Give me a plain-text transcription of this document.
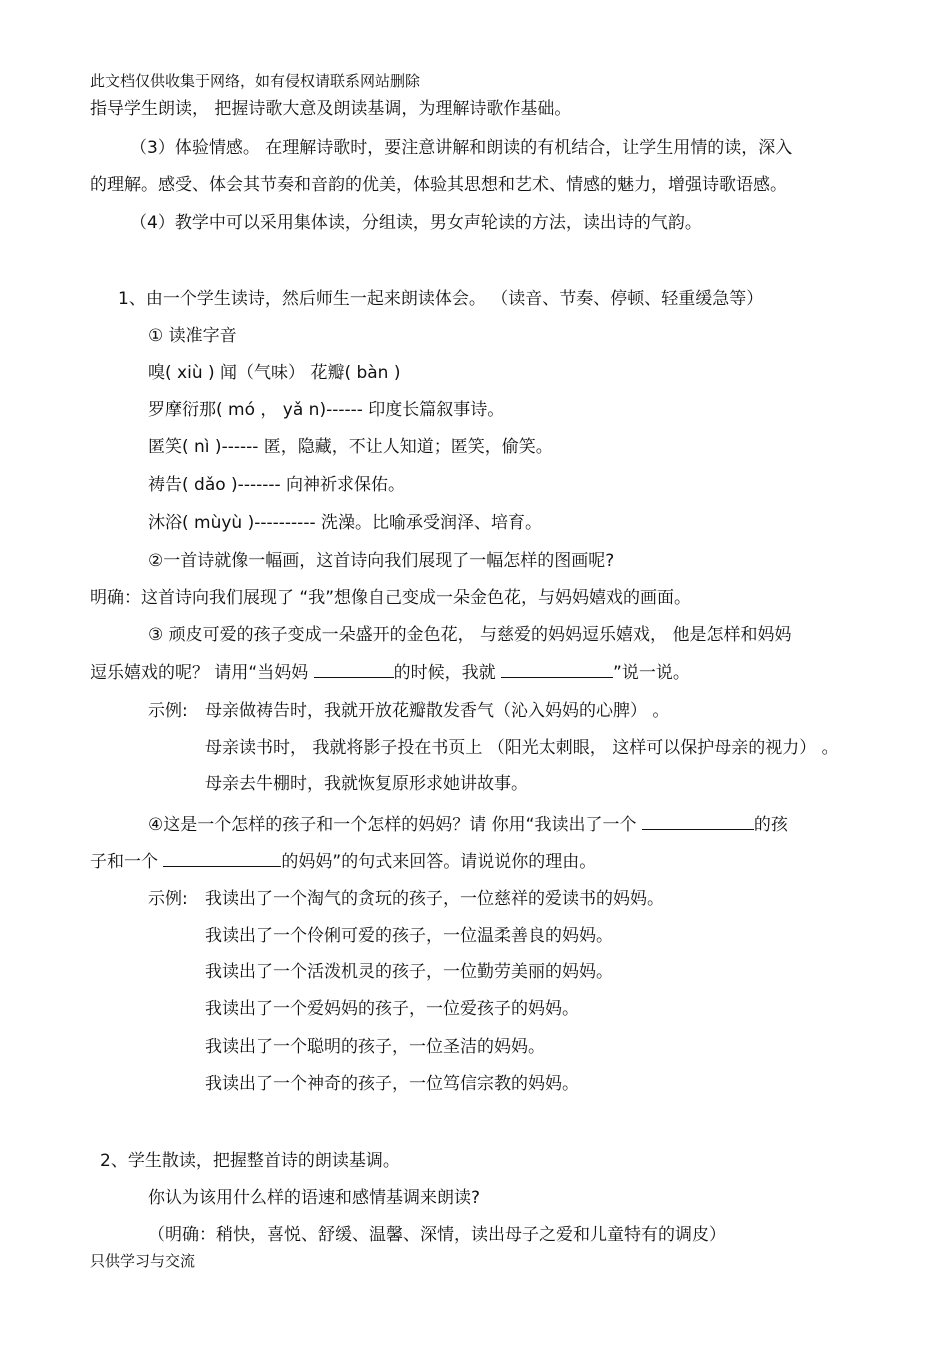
此文档仅供收集于网络，如有侵权请联系网站删除
指导学生朗读， 把握诗歌大意及朗读基调，为理解诗歌作基础。
（3）体验情感。 在理解诗歌时，要注意讲解和朗读的有机结合，让学生用情的读，深入
的理解。感受、体会其节奏和音韵的优美，体验其思想和艺术、情感的魅力，增强诗歌语感。
（4）教学中可以采用集体读，分组读，男女声轮读的方法，读出诗的气韵。
1、由一个学生读诗，然后师生一起来朗读体会。 （读音、节奏、停顿、轻重缓急等）
① 读准字音
嗅( xiù ) 闻（气味） 花瓣( bàn )
罗摩衍那( mó ， yǎ n)------ 印度长篇叙事诗。
匿笑( nì )------ 匿，隐藏，不让人知道；匿笑，偷笑。
祷告( dǎo )------- 向神祈求保佑。
沐浴( mùyù )---------- 洗澡。比喻承受润泽、培育。
②一首诗就像一幅画，这首诗向我们展现了一幅怎样的图画呢?
明确：这首诗向我们展现了 “我”想像自己变成一朵金色花，与妈妈嬉戏的画面。
③ 顽皮可爱的孩子变成一朵盛开的金色花， 与慈爱的妈妈逗乐嬉戏， 他是怎样和妈妈
逗乐嬉戏的呢？ 请用“当妈妈	的时候，我就	”说一说。
示例: 母亲做祷告时，我就开放花瓣散发香气（沁入妈妈的心脾） 。
母亲读书时， 我就将影子投在书页上 （阳光太刺眼， 这样可以保护母亲的视力） 。
母亲去牛棚时，我就恢复原形求她讲故事。
④这是一个怎样的孩子和一个怎样的妈妈？请 你用“我读出了一个	的孩
子和一个	的妈妈”的句式来回答。请说说你的理由。
示例: 我读出了一个淘气的贪玩的孩子，一位慈祥的爱读书的妈妈。
我读出了一个伶俐可爱的孩子，一位温柔善良的妈妈。
我读出了一个活泼机灵的孩子，一位勤劳美丽的妈妈。
我读出了一个爱妈妈的孩子，一位爱孩子的妈妈。
我读出了一个聪明的孩子，一位圣洁的妈妈。
我读出了一个神奇的孩子，一位笃信宗教的妈妈。
2、学生散读，把握整首诗的朗读基调。
你认为该用什么样的语速和感情基调来朗读?
（明确：稍快，喜悦、舒缓、温馨、深情，读出母子之爱和儿童特有的调皮）
只供学习与交流
